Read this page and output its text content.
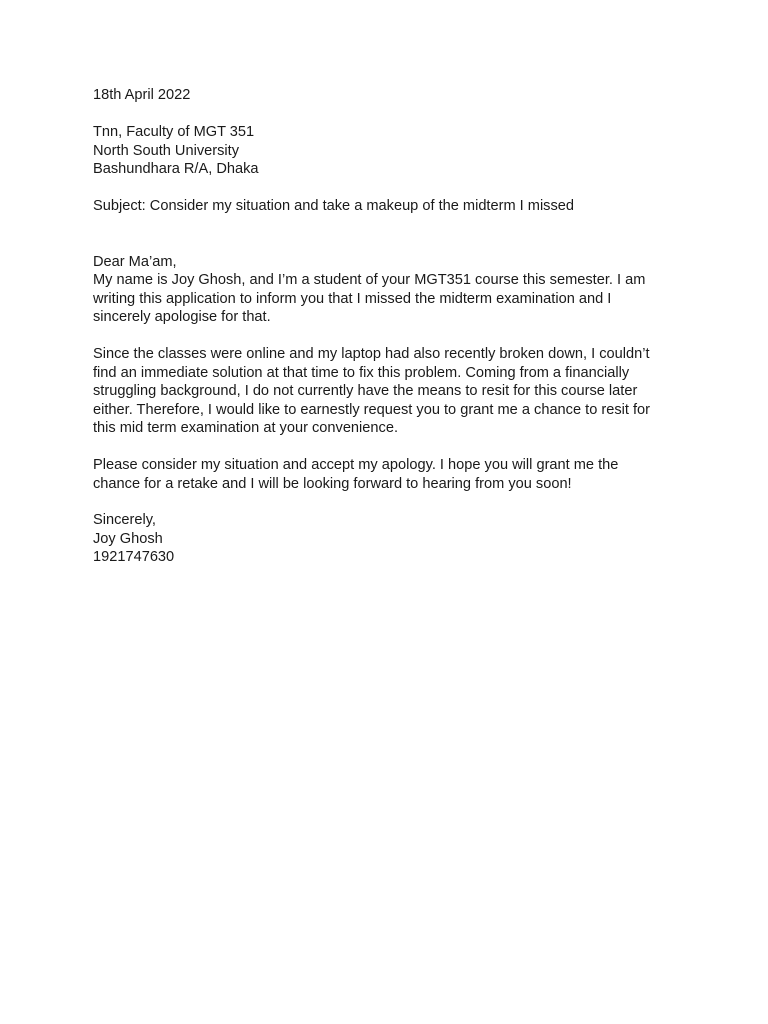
18th April 2022

Tnn, Faculty of MGT 351

North South University

Bashundhara R/A, Dhaka

Subject: Consider my situation and take a makeup of the midterm I missed

Dear Ma’am,

My name is Joy Ghosh, and I’m a student of your MGT351 course this semester. I am

writing this application to inform you that I missed the midterm examination and I

sincerely apologise for that.

Since the classes were online and my laptop had also recently broken down, I couldn’t

find an immediate solution at that time to fix this problem. Coming from a financially

struggling background, I do not currently have the means to resit for this course later

either. Therefore, I would like to earnestly request you to grant me a chance to resit for

this mid term examination at your convenience.

Please consider my situation and accept my apology. I hope you will grant me the

chance for a retake and I will be looking forward to hearing from you soon!

Sincerely,

Joy Ghosh

1921747630
